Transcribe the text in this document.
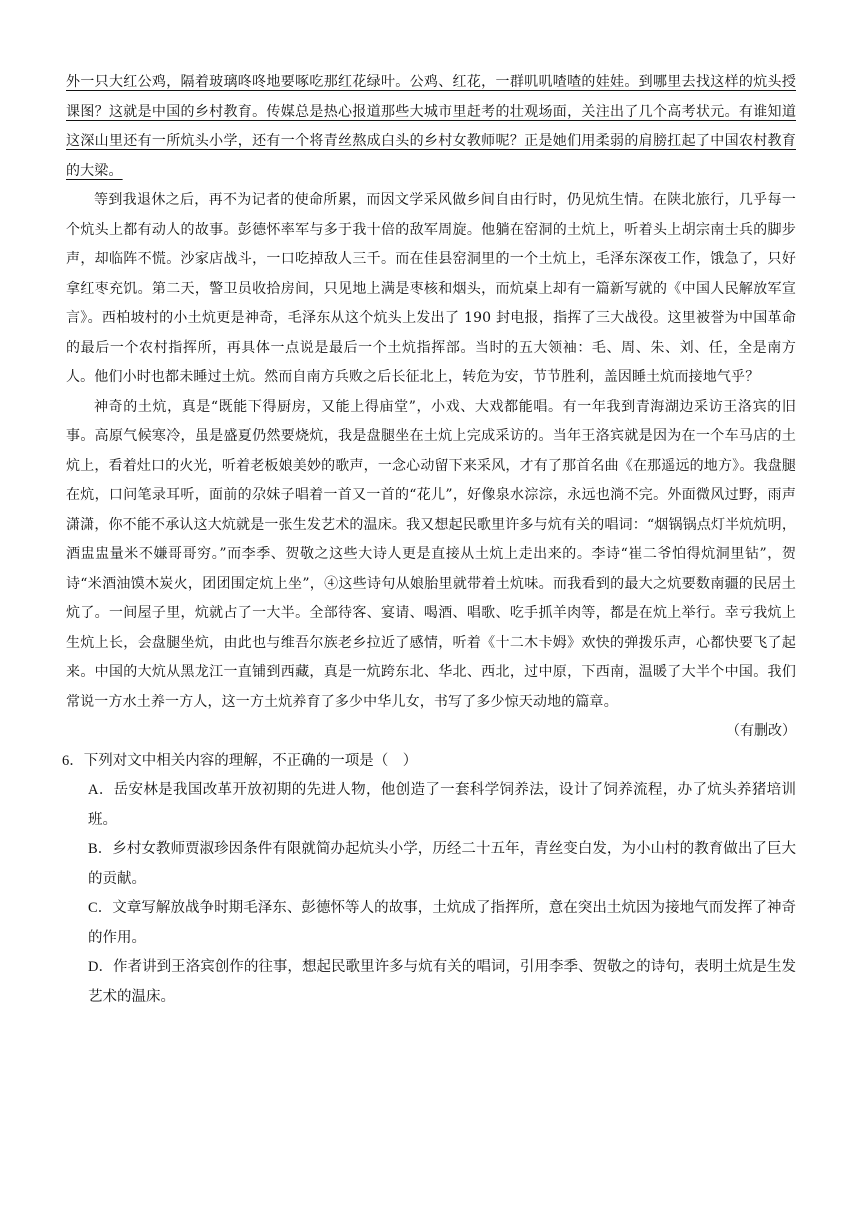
外一只大红公鸡，隔着玻璃咚咚地要啄吃那红花绿叶。公鸡、红花，一群叽叽喳喳的娃娃。到哪里去找这样的炕头授课图？这就是中国的乡村教育。传媒总是热心报道那些大城市里赶考的壮观场面，关注出了几个高考状元。有谁知道这深山里还有一所炕头小学，还有一个将青丝熬成白头的乡村女教师呢？正是她们用柔弱的肩膀扛起了中国农村教育的大梁。

等到我退休之后，再不为记者的使命所累，而因文学采风做乡间自由行时，仍见炕生情。在陕北旅行，几乎每一个炕头上都有动人的故事。彭德怀率军与多于我十倍的敌军周旋。他躺在窑洞的土炕上，听着头上胡宗南士兵的脚步声，却临阵不慌。沙家店战斗，一口吃掉敌人三千。而在佳县窑洞里的一个土炕上，毛泽东深夜工作，饿急了，只好拿红枣充饥。第二天，警卫员收拾房间，只见地上满是枣核和烟头，而炕桌上却有一篇新写就的《中国人民解放军宣言》。西柏坡村的小土炕更是神奇，毛泽东从这个炕头上发出了 190 封电报，指挥了三大战役。这里被誉为中国革命的最后一个农村指挥所，再具体一点说是最后一个土炕指挥部。当时的五大领袖：毛、周、朱、刘、任，全是南方人。他们小时也都未睡过土炕。然而自南方兵败之后长征北上，转危为安，节节胜利，盖因睡土炕而接地气乎？

神奇的土炕，真是“既能下得厨房，又能上得庙堂”，小戏、大戏都能唱。有一年我到青海湖边采访王洛宾的旧事。高原气候寒冷，虽是盛夏仍然要烧炕，我是盘腿坐在土炕上完成采访的。当年王洛宾就是因为在一个车马店的土炕上，看着灶口的火光，听着老板娘美妙的歌声，一念心动留下来采风，才有了那首名曲《在那遥远的地方》。我盘腿在炕，口问笔录耳听，面前的尕妹子唱着一首又一首的“花儿”，好像泉水淙淙，永远也淌不完。外面微风过野，雨声潇潇，你不能不承认这大炕就是一张生发艺术的温床。我又想起民歌里许多与炕有关的唱词：“烟锅锅点灯半炕炕明，酒盅盅量米不嫌哥哥穷。”而李季、贺敬之这些大诗人更是直接从土炕上走出来的。李诗“崔二爷怕得炕洞里钻”，贺诗“米酒油馍木炭火，团团围定炕上坐”，④这些诗句从娘胎里就带着土炕味。而我看到的最大之炕要数南疆的民居土炕了。一间屋子里，炕就占了一大半。全部待客、宴请、喝酒、唱歌、吃手抓羊肉等，都是在炕上举行。幸亏我炕上生炕上长，会盘腿坐炕，由此也与维吾尔族老乡拉近了感情，听着《十二木卡姆》欢快的弹拨乐声，心都快要飞了起来。中国的大炕从黑龙江一直铺到西藏，真是一炕跨东北、华北、西北，过中原，下西南，温暖了大半个中国。我们常说一方水土养一方人，这一方土炕养育了多少中华儿女，书写了多少惊天动地的篇章。

（有删改）

6．下列对文中相关内容的理解，不正确的一项是（　）

A．岳安林是我国改革开放初期的先进人物，他创造了一套科学饲养法，设计了饲养流程，办了炕头养猪培训班。

B．乡村女教师贾淑珍因条件有限就简办起炕头小学，历经二十五年，青丝变白发，为小山村的教育做出了巨大的贡献。

C．文章写解放战争时期毛泽东、彭德怀等人的故事，土炕成了指挥所，意在突出土炕因为接地气而发挥了神奇的作用。

D．作者讲到王洛宾创作的往事，想起民歌里许多与炕有关的唱词，引用李季、贺敬之的诗句，表明土炕是生发艺术的温床。
